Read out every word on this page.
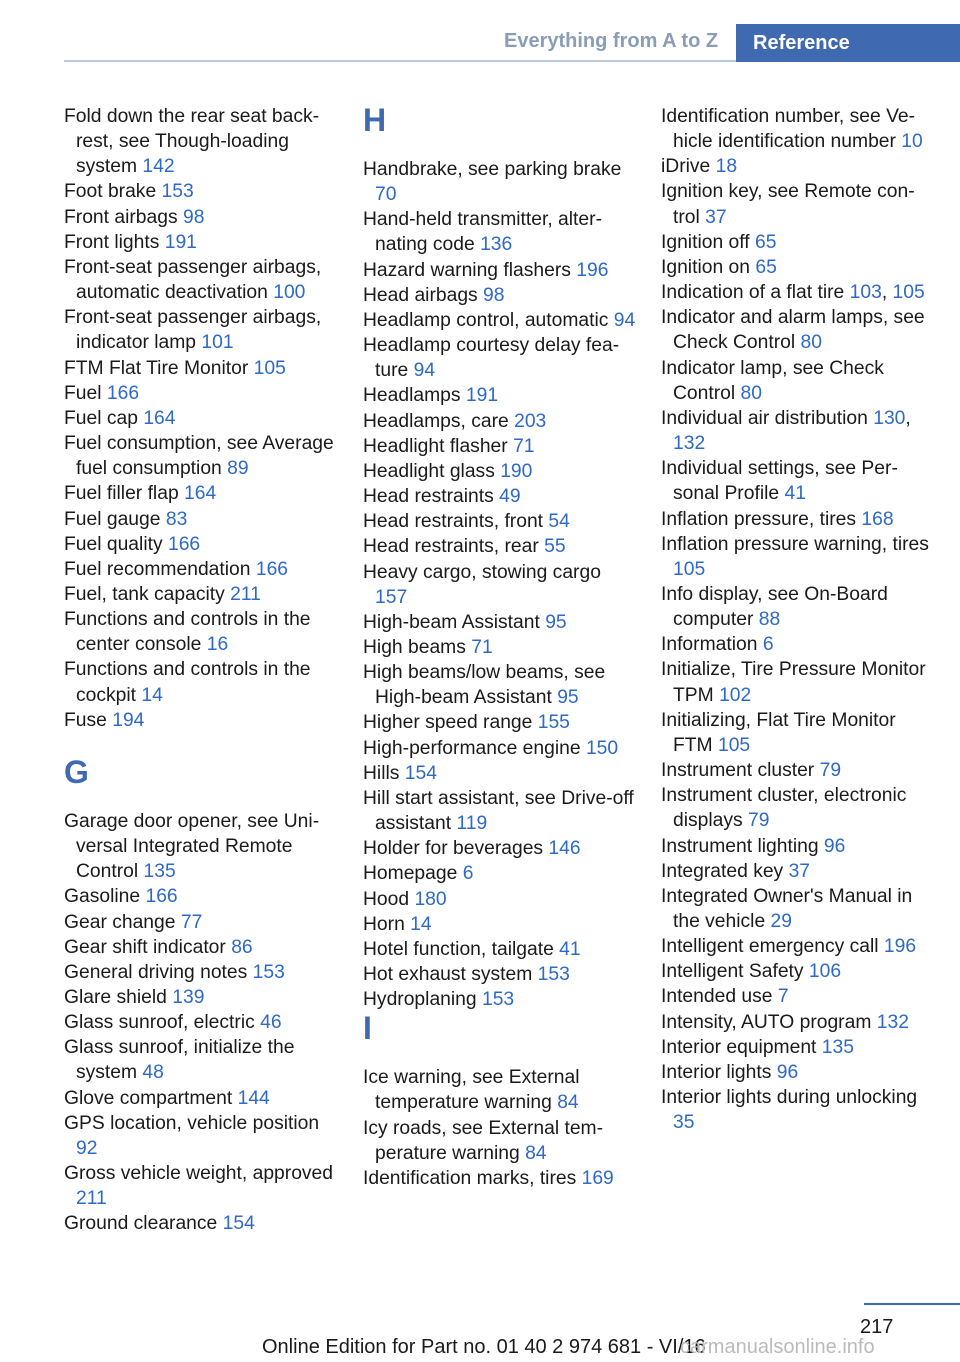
Everything from A to Z	Reference
Fold down the rear seat backrest, see Though-loading system 142
Foot brake 153
Front airbags 98
Front lights 191
Front-seat passenger airbags, automatic deactivation 100
Front-seat passenger airbags, indicator lamp 101
FTM Flat Tire Monitor 105
Fuel 166
Fuel cap 164
Fuel consumption, see Average fuel consumption 89
Fuel filler flap 164
Fuel gauge 83
Fuel quality 166
Fuel recommendation 166
Fuel, tank capacity 211
Functions and controls in the center console 16
Functions and controls in the cockpit 14
Fuse 194
G
Garage door opener, see Universal Integrated Remote Control 135
Gasoline 166
Gear change 77
Gear shift indicator 86
General driving notes 153
Glare shield 139
Glass sunroof, electric 46
Glass sunroof, initialize the system 48
Glove compartment 144
GPS location, vehicle position 92
Gross vehicle weight, approved 211
Ground clearance 154
H
Handbrake, see parking brake 70
Hand-held transmitter, alternating code 136
Hazard warning flashers 196
Head airbags 98
Headlamp control, automatic 94
Headlamp courtesy delay feature 94
Headlamps 191
Headlamps, care 203
Headlight flasher 71
Headlight glass 190
Head restraints 49
Head restraints, front 54
Head restraints, rear 55
Heavy cargo, stowing cargo 157
High-beam Assistant 95
High beams 71
High beams/low beams, see High-beam Assistant 95
Higher speed range 155
High-performance engine 150
Hills 154
Hill start assistant, see Drive-off assistant 119
Holder for beverages 146
Homepage 6
Hood 180
Horn 14
Hotel function, tailgate 41
Hot exhaust system 153
Hydroplaning 153
I
Ice warning, see External temperature warning 84
Icy roads, see External temperature warning 84
Identification marks, tires 169
Identification number, see Vehicle identification number 10
iDrive 18
Ignition key, see Remote control 37
Ignition off 65
Ignition on 65
Indication of a flat tire 103, 105
Indicator and alarm lamps, see Check Control 80
Indicator lamp, see Check Control 80
Individual air distribution 130, 132
Individual settings, see Personal Profile 41
Inflation pressure, tires 168
Inflation pressure warning, tires 105
Info display, see On-Board computer 88
Information 6
Initialize, Tire Pressure Monitor TPM 102
Initializing, Flat Tire Monitor FTM 105
Instrument cluster 79
Instrument cluster, electronic displays 79
Instrument lighting 96
Integrated key 37
Integrated Owner's Manual in the vehicle 29
Intelligent emergency call 196
Intelligent Safety 106
Intended use 7
Intensity, AUTO program 132
Interior equipment 135
Interior lights 96
Interior lights during unlocking 35
217
Online Edition for Part no. 01 40 2 974 681 - VI/16
carmanualsonline.info
